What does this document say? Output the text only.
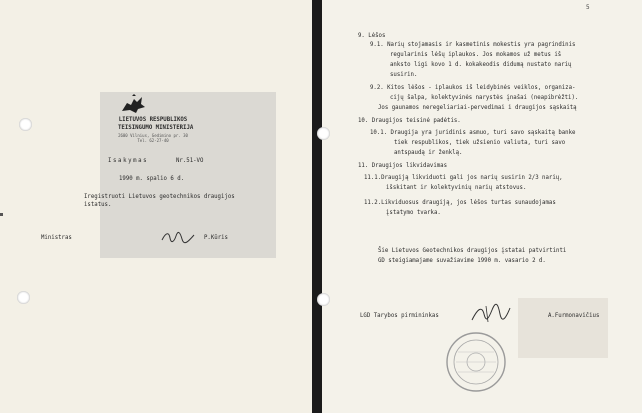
LIETUVOS RESPUBLIKOS
TEISINGUMO MINISTERIJA
2600 Vilnius, Gedimino pr. 30
Tel. 62-27-40
Isakymas	Nr.51-VO
1990 m. spalio 6 d.
Iregistruoti Lietuvos geotechnikos draugijos
istatus.
Ministras	P.Kūris
5
9. Lėšos
9.1. Narių stojamasis ir kasmetinis mokestis yra pagrindinis
regularinis lėšų iplaukos. Jos mokamos už metus iš
anksto ligi kovo 1 d. kokakeodis didumą nustato narių
susirin.
9.2. Kitos lėšos - iplaukos iš leidybinės veiklos, organiza-
cijų šalpa, kolektyvinės narystės įnašai (neapibrėžti).
Jos gaunamos neregeliariai-pervedimai i draugijos sąskaitą
10. Draugijos teisinė padėtis.
10.1. Draugija yra juridinis asmuo, turi savo sąskaitą banke
tiek respublikos, tiek užsienio valiuta, turi savo
antspaudą ir ženklą.
11. Draugijos likvidavimas
11.1.Draugiją likviduoti gali jos narių susirin 2/3 narių,
išskitant ir kolektyvinių narių atstovus.
11.2.Likviduosus draugiją, jos lėšos turtas sunaudojamas
įstatymo tvarka.
Šie Lietuvos Geotechnikos draugijos įstatai patvirtinti
GD steigiamajame suvažiavime 1990 m. vasario 2 d.
LGD Tarybos pirmininkas	A.Furmonavičius
